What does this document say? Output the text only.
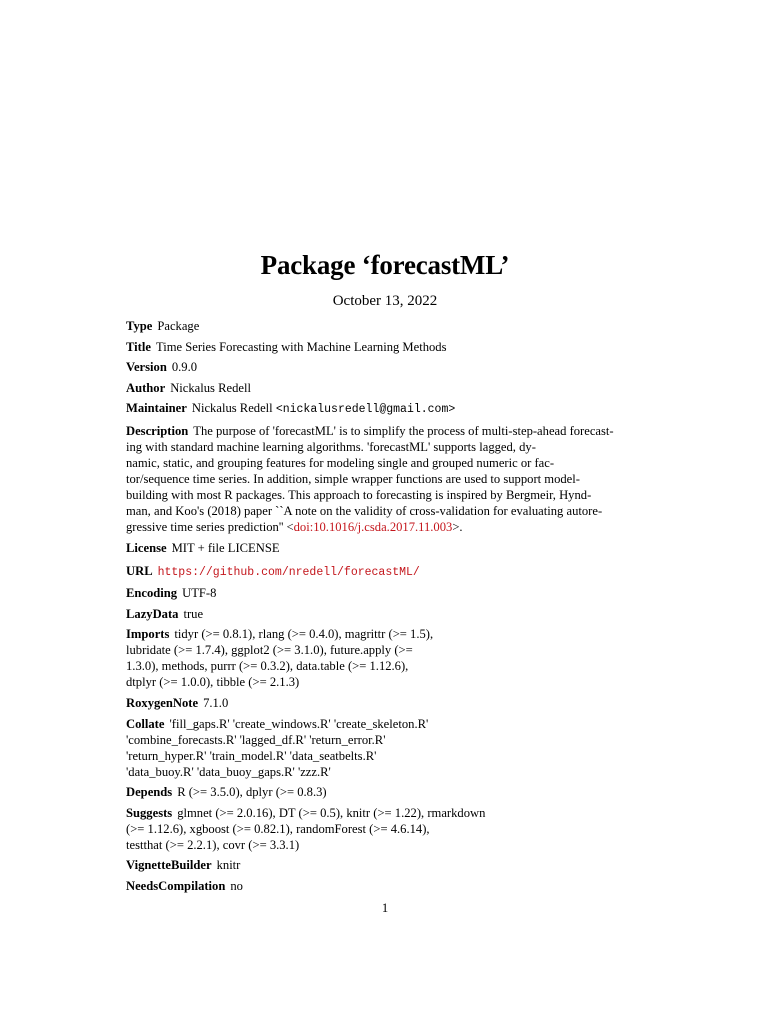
Package ‘forecastML’
October 13, 2022
Type Package
Title Time Series Forecasting with Machine Learning Methods
Version 0.9.0
Author Nickalus Redell
Maintainer Nickalus Redell <nickalusredell@gmail.com>
Description The purpose of 'forecastML' is to simplify the process of multi-step-ahead forecast-
ing with standard machine learning algorithms. 'forecastML' supports lagged, dy-
namic, static, and grouping features for modeling single and grouped numeric or fac-
tor/sequence time series. In addition, simple wrapper functions are used to support model-
building with most R packages. This approach to forecasting is inspired by Bergmeir, Hynd-
man, and Koo's (2018) paper ``A note on the validity of cross-validation for evaluating autore-
gressive time series prediction'' <doi:10.1016/j.csda.2017.11.003>.
License MIT + file LICENSE
URL https://github.com/nredell/forecastML/
Encoding UTF-8
LazyData true
Imports tidyr (>= 0.8.1), rlang (>= 0.4.0), magrittr (>= 1.5),
lubridate (>= 1.7.4), ggplot2 (>= 3.1.0), future.apply (>=
1.3.0), methods, purrr (>= 0.3.2), data.table (>= 1.12.6),
dtplyr (>= 1.0.0), tibble (>= 2.1.3)
RoxygenNote 7.1.0
Collate 'fill_gaps.R' 'create_windows.R' 'create_skeleton.R'
'combine_forecasts.R' 'lagged_df.R' 'return_error.R'
'return_hyper.R' 'train_model.R' 'data_seatbelts.R'
'data_buoy.R' 'data_buoy_gaps.R' 'zzz.R'
Depends R (>= 3.5.0), dplyr (>= 0.8.3)
Suggests glmnet (>= 2.0.16), DT (>= 0.5), knitr (>= 1.22), rmarkdown
(>= 1.12.6), xgboost (>= 0.82.1), randomForest (>= 4.6.14),
testthat (>= 2.2.1), covr (>= 3.3.1)
VignetteBuilder knitr
NeedsCompilation no
1
